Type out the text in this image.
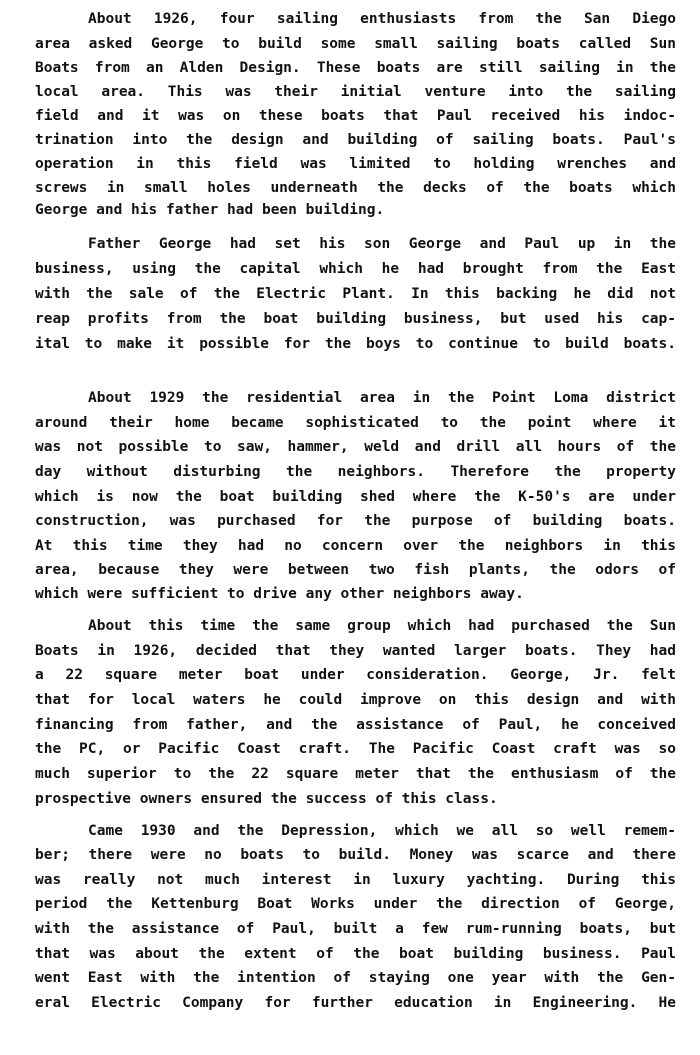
About 1926, four sailing enthusiasts from the San Diego
area asked George to build some small sailing boats called Sun
Boats from an Alden Design. These boats are still sailing in the
local area. This was their initial venture into the sailing
field and it was on these boats that Paul received his indoc-
trination into the design and building of sailing boats. Paul's
operation in this field was limited to holding wrenches and
screws in small holes underneath the decks of the boats which
George and his father had been building.
Father George had set his son George and Paul up in the
business, using the capital which he had brought from the East
with the sale of the Electric Plant. In this backing he did not
reap profits from the boat building business, but used his cap-
ital to make it possible for the boys to continue to build boats.
About 1929 the residential area in the Point Loma district
around their home became sophisticated to the point where it
was not possible to saw, hammer, weld and drill all hours of the
day without disturbing the neighbors. Therefore the property
which is now the boat building shed where the K-50's are under
construction, was purchased for the purpose of building boats.
At this time they had no concern over the neighbors in this
area, because they were between two fish plants, the odors of
which were sufficient to drive any other neighbors away.
About this time the same group which had purchased the Sun
Boats in 1926, decided that they wanted larger boats. They had
a 22 square meter boat under consideration. George, Jr. felt
that for local waters he could improve on this design and with
financing from father, and the assistance of Paul, he conceived
the PC, or Pacific Coast craft. The Pacific Coast craft was so
much superior to the 22 square meter that the enthusiasm of the
prospective owners ensured the success of this class.
Came 1930 and the Depression, which we all so well remem-
ber; there were no boats to build. Money was scarce and there
was really not much interest in luxury yachting. During this
period the Kettenburg Boat Works under the direction of George,
with the assistance of Paul, built a few rum-running boats, but
that was about the extent of the boat building business. Paul
went East with the intention of staying one year with the Gen-
eral Electric Company for further education in Engineering. He
